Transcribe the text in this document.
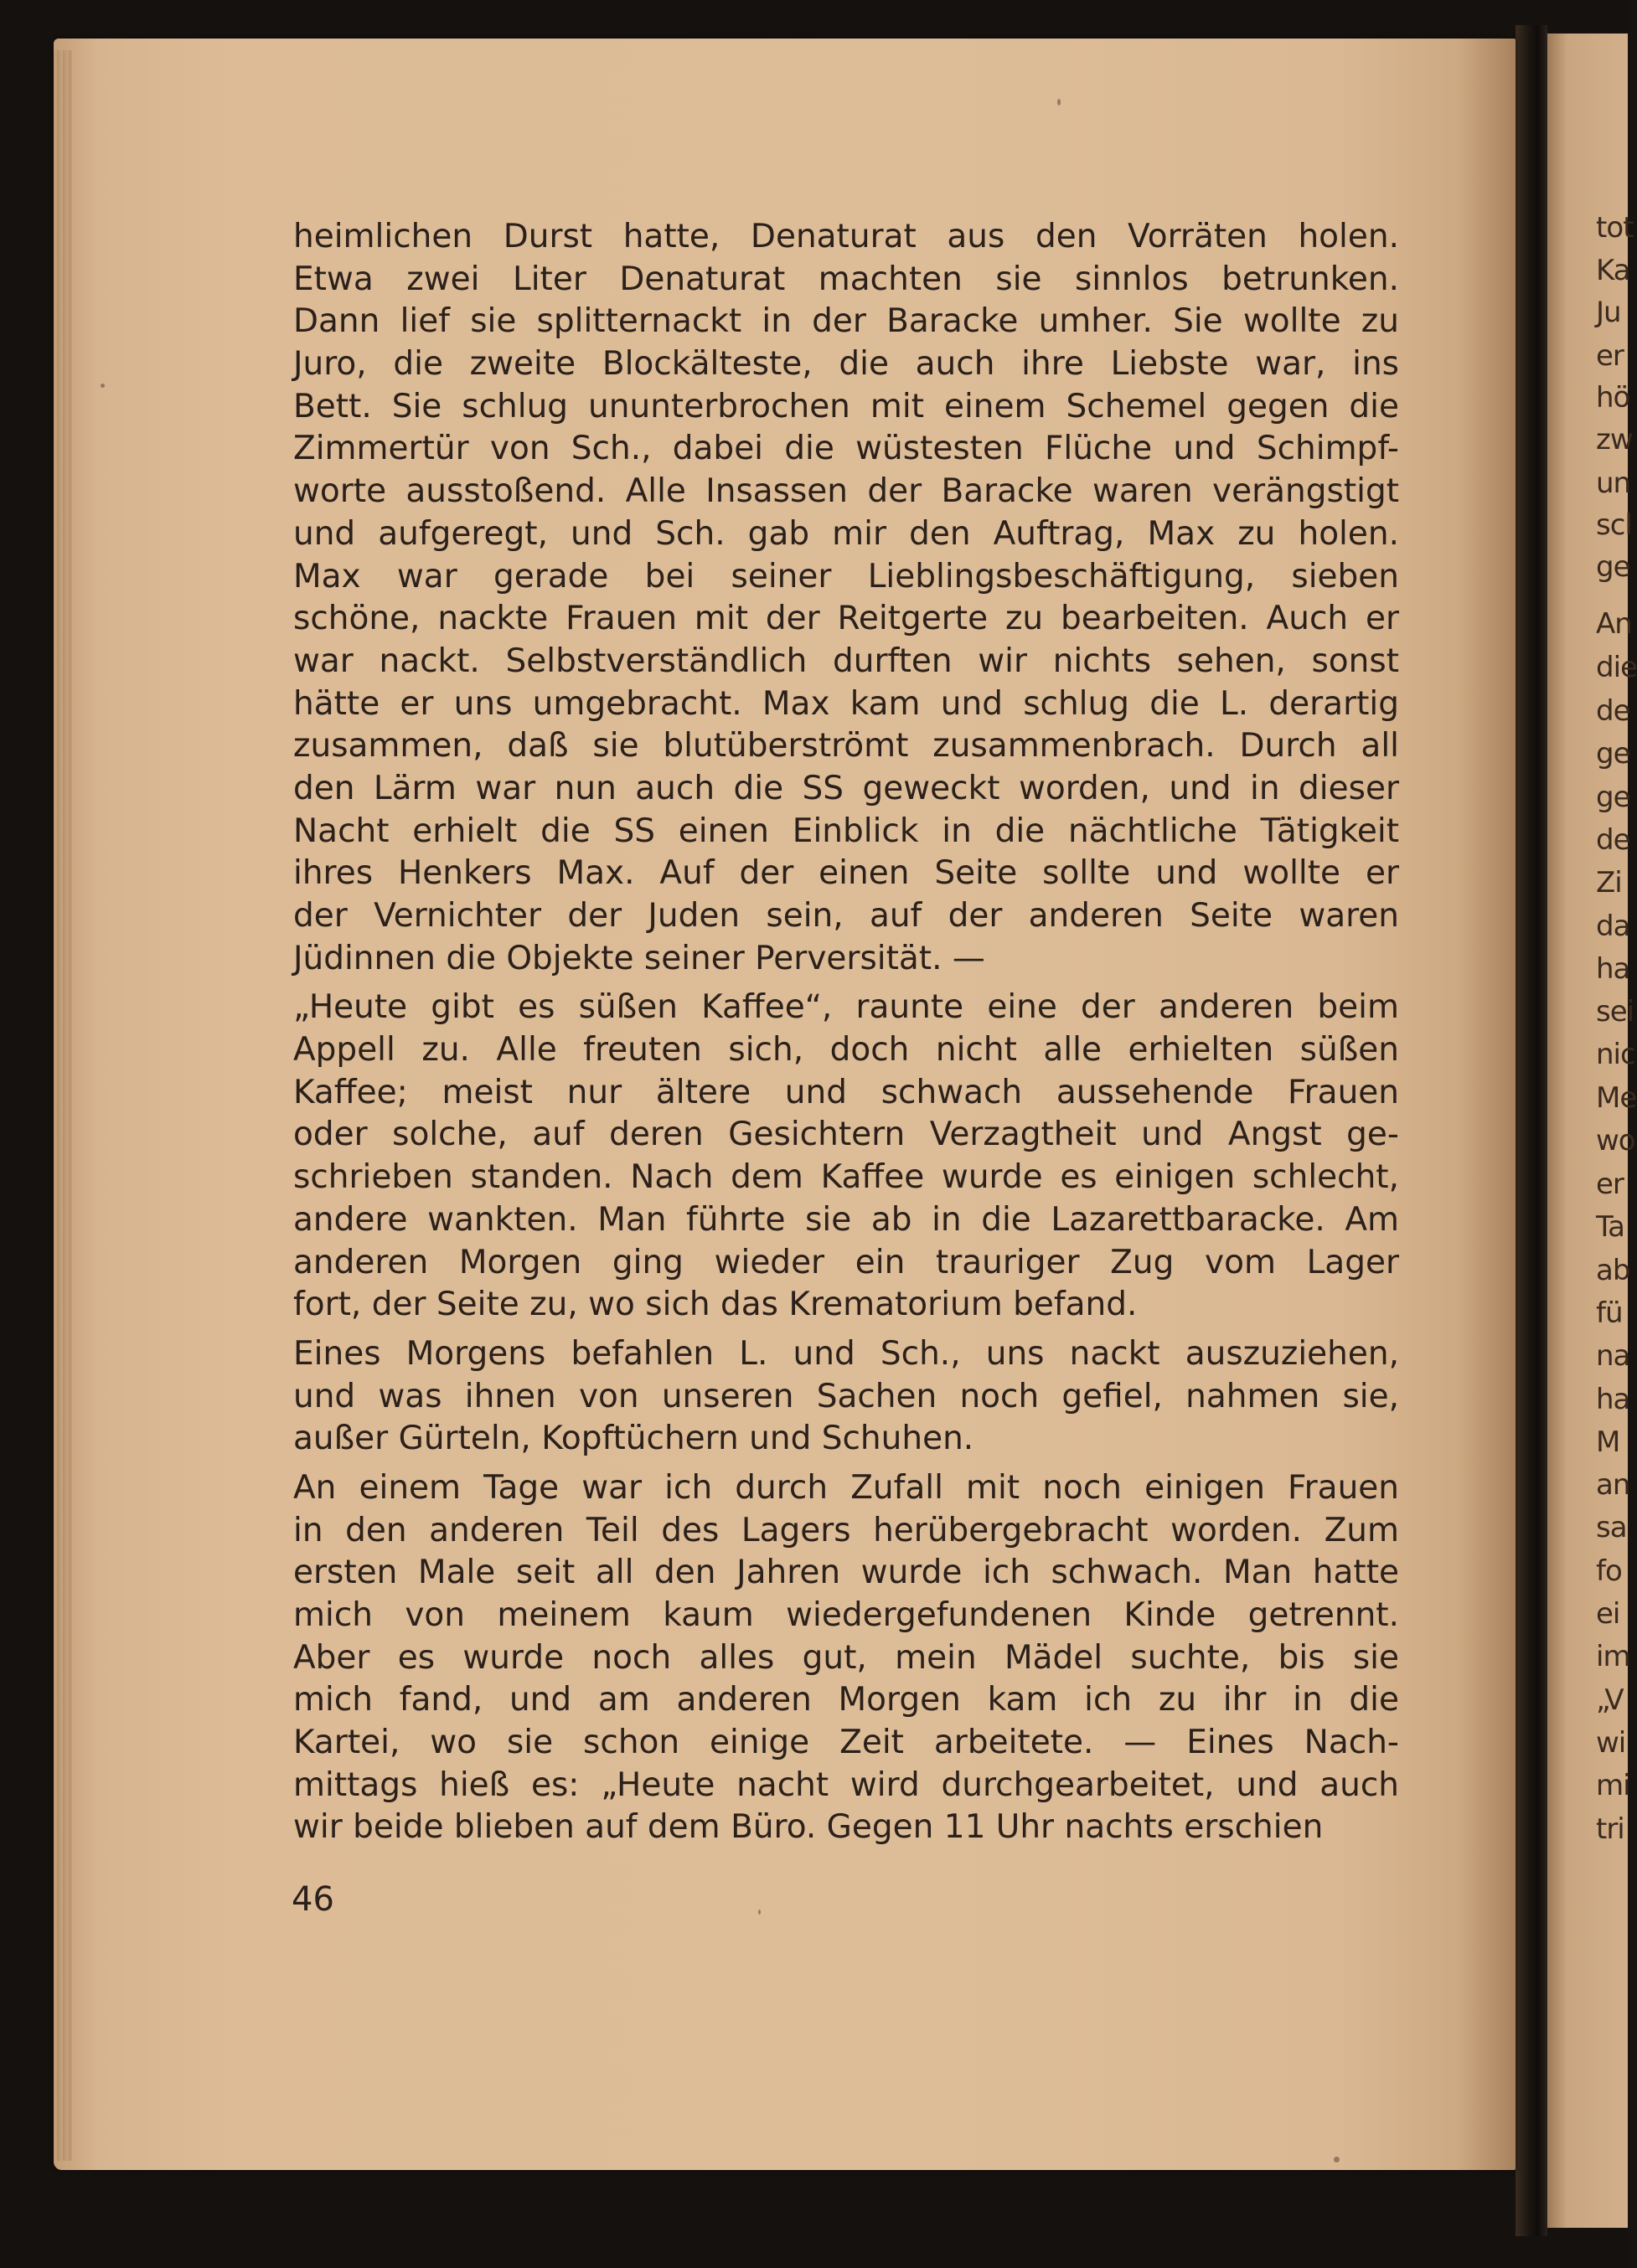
tot
Ka
Ju
er
hö
zw
un
scl
ge
An
die
de
ge
ge
de
Zi
da
ha
sei
nic
Me
wo
er
Ta
ab
fü
na
ha
M
an
sa
fo
ei
im
„V
wi
mi
tri
heimlichen Durst hatte, Denaturat aus den Vorräten holen.
Etwa zwei Liter Denaturat machten sie sinnlos betrunken.
Dann lief sie splitternackt in der Baracke umher. Sie wollte zu
Juro, die zweite Blockälteste, die auch ihre Liebste war, ins
Bett. Sie schlug ununterbrochen mit einem Schemel gegen die
Zimmertür von Sch., dabei die wüstesten Flüche und Schimpf-
worte ausstoßend. Alle Insassen der Baracke waren verängstigt
und aufgeregt, und Sch. gab mir den Auftrag, Max zu holen.
Max war gerade bei seiner Lieblingsbeschäftigung, sieben
schöne, nackte Frauen mit der Reitgerte zu bearbeiten. Auch er
war nackt. Selbstverständlich durften wir nichts sehen, sonst
hätte er uns umgebracht. Max kam und schlug die L. derartig
zusammen, daß sie blutüberströmt zusammenbrach. Durch all
den Lärm war nun auch die SS geweckt worden, und in dieser
Nacht erhielt die SS einen Einblick in die nächtliche Tätigkeit
ihres Henkers Max. Auf der einen Seite sollte und wollte er
der Vernichter der Juden sein, auf der anderen Seite waren
Jüdinnen die Objekte seiner Perversität. —
„Heute gibt es süßen Kaffee“, raunte eine der anderen beim
Appell zu. Alle freuten sich, doch nicht alle erhielten süßen
Kaffee; meist nur ältere und schwach aussehende Frauen
oder solche, auf deren Gesichtern Verzagtheit und Angst ge-
schrieben standen. Nach dem Kaffee wurde es einigen schlecht,
andere wankten. Man führte sie ab in die Lazarettbaracke. Am
anderen Morgen ging wieder ein trauriger Zug vom Lager
fort, der Seite zu, wo sich das Krematorium befand.
Eines Morgens befahlen L. und Sch., uns nackt auszuziehen,
und was ihnen von unseren Sachen noch gefiel, nahmen sie,
außer Gürteln, Kopftüchern und Schuhen.
An einem Tage war ich durch Zufall mit noch einigen Frauen
in den anderen Teil des Lagers herübergebracht worden. Zum
ersten Male seit all den Jahren wurde ich schwach. Man hatte
mich von meinem kaum wiedergefundenen Kinde getrennt.
Aber es wurde noch alles gut, mein Mädel suchte, bis sie
mich fand, und am anderen Morgen kam ich zu ihr in die
Kartei, wo sie schon einige Zeit arbeitete. — Eines Nach-
mittags hieß es: „Heute nacht wird durchgearbeitet, und auch
wir beide blieben auf dem Büro. Gegen 11 Uhr nachts erschien
46
